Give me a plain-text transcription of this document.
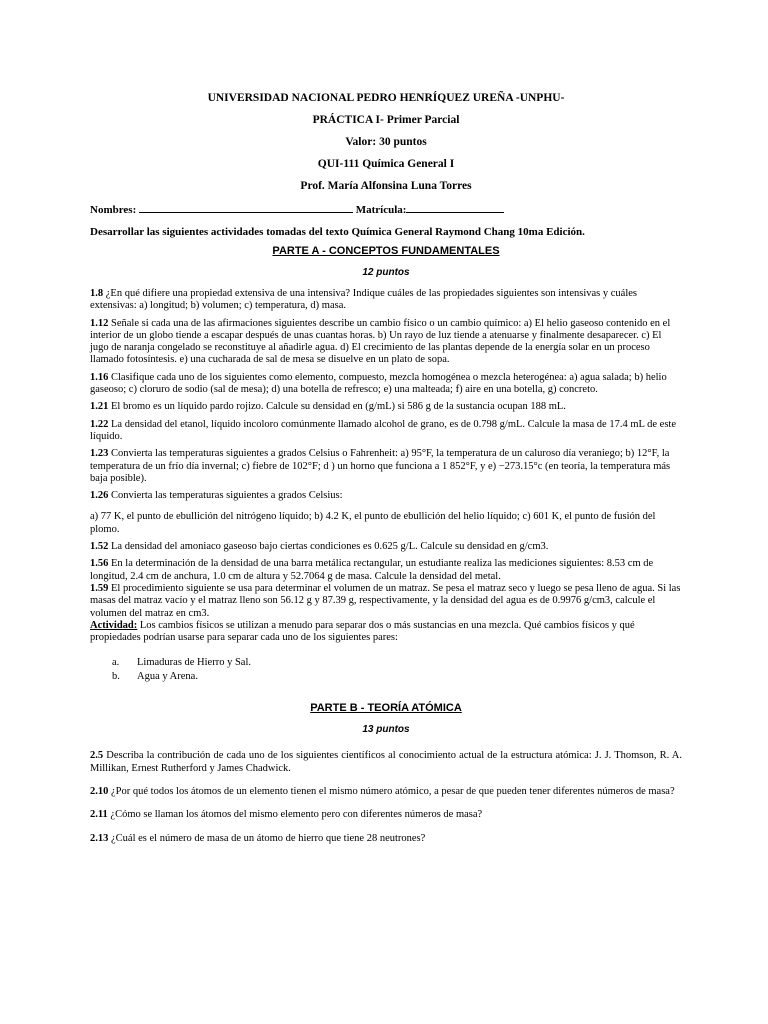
UNIVERSIDAD NACIONAL PEDRO HENRÍQUEZ UREÑA -UNPHU-
PRÁCTICA I- Primer Parcial
Valor: 30 puntos
QUI-111 Química General I
Prof. María Alfonsina Luna Torres
Nombres:	Matrícula:
Desarrollar las siguientes actividades tomadas del texto Química General Raymond Chang 10ma Edición.
PARTE A - CONCEPTOS FUNDAMENTALES
12 puntos
1.8 ¿En qué difiere una propiedad extensiva de una intensiva? Indique cuáles de las propiedades siguientes son intensivas y cuáles extensivas: a) longitud; b) volumen; c) temperatura, d) masa.
1.12 Señale si cada una de las afirmaciones siguientes describe un cambio físico o un cambio químico: a) El helio gaseoso contenido en el interior de un globo tiende a escapar después de unas cuantas horas. b) Un rayo de luz tiende a atenuarse y finalmente desaparecer. c) El jugo de naranja congelado se reconstituye al añadirle agua. d) El crecimiento de las plantas depende de la energía solar en un proceso llamado fotosíntesis. e) una cucharada de sal de mesa se disuelve en un plato de sopa.
1.16 Clasifique cada uno de los siguientes como elemento, compuesto, mezcla homogénea o mezcla heterogénea: a) agua salada; b) helio gaseoso; c) cloruro de sodio (sal de mesa); d) una botella de refresco; e) una malteada; f) aire en una botella, g) concreto.
1.21 El bromo es un líquido pardo rojizo. Calcule su densidad en (g/mL) si 586 g de la sustancia ocupan 188 mL.
1.22 La densidad del etanol, líquido incoloro comúnmente llamado alcohol de grano, es de 0.798 g/mL. Calcule la masa de 17.4 mL de este líquido.
1.23 Convierta las temperaturas siguientes a grados Celsius o Fahrenheit: a) 95°F, la temperatura de un caluroso día veraniego; b) 12°F, la temperatura de un frío día invernal; c) fiebre de 102°F; d ) un horno que funciona a 1 852°F, y e) −273.15°c (en teoría, la temperatura más baja posible).
1.26 Convierta las temperaturas siguientes a grados Celsius:
a) 77 K, el punto de ebullición del nitrógeno líquido; b) 4.2 K, el punto de ebullición del helio líquido; c) 601 K, el punto de fusión del plomo.
1.52 La densidad del amoniaco gaseoso bajo ciertas condiciones es 0.625 g/L. Calcule su densidad en g/cm3.
1.56 En la determinación de la densidad de una barra metálica rectangular, un estudiante realiza las mediciones siguientes: 8.53 cm de longitud, 2.4 cm de anchura, 1.0 cm de altura y 52.7064 g de masa. Calcule la densidad del metal.
1.59 El procedimiento siguiente se usa para determinar el volumen de un matraz. Se pesa el matraz seco y luego se pesa lleno de agua. Si las masas del matraz vacío y el matraz lleno son 56.12 g y 87.39 g, respectivamente, y la densidad del agua es de 0.9976 g/cm3, calcule el volumen del matraz en cm3.
Actividad: Los cambios físicos se utilizan a menudo para separar dos o más sustancias en una mezcla. Qué cambios físicos y qué propiedades podrían usarse para separar cada uno de los siguientes pares:
a. Limaduras de Hierro y Sal.
b. Agua y Arena.
PARTE B - TEORÍA ATÓMICA
13 puntos
2.5 Describa la contribución de cada uno de los siguientes científicos al conocimiento actual de la estructura atómica: J. J. Thomson, R. A. Millikan, Ernest Rutherford y James Chadwick.
2.10 ¿Por qué todos los átomos de un elemento tienen el mismo número atómico, a pesar de que pueden tener diferentes números de masa?
2.11 ¿Cómo se llaman los átomos del mismo elemento pero con diferentes números de masa?
2.13 ¿Cuál es el número de masa de un átomo de hierro que tiene 28 neutrones?
